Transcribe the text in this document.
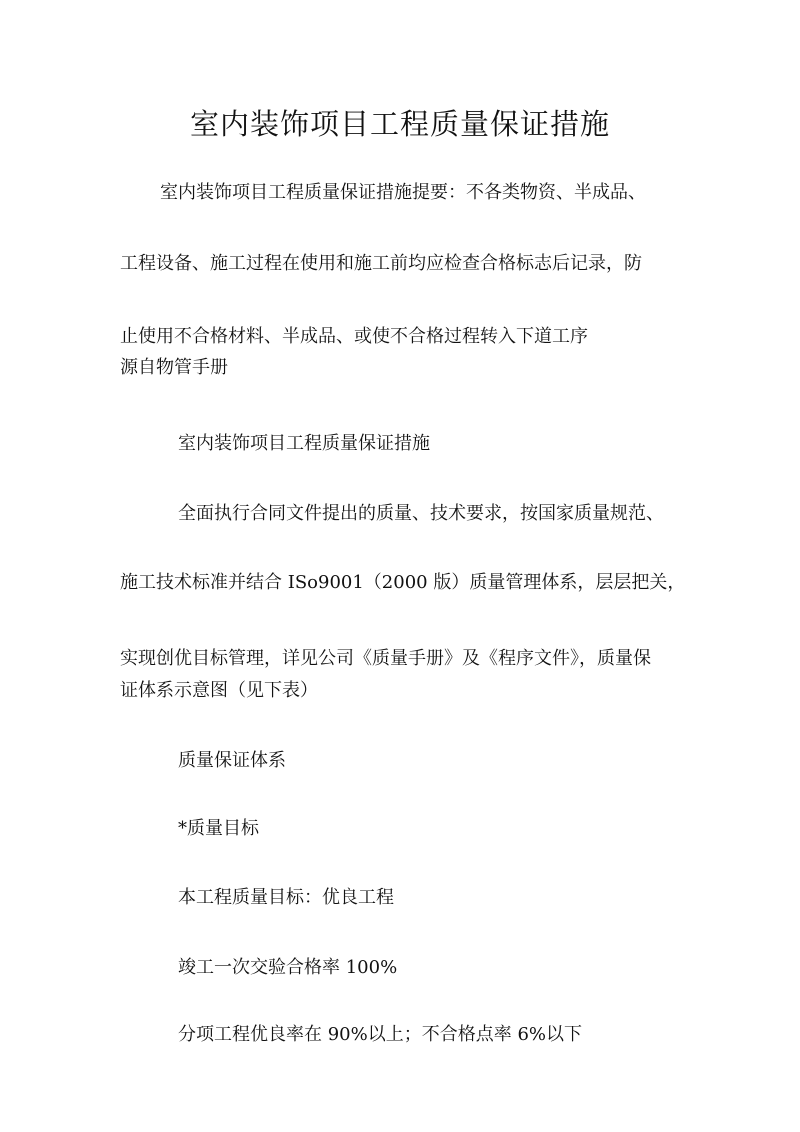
室内装饰项目工程质量保证措施

室内装饰项目工程质量保证措施提要：不各类物资、半成品、

工程设备、施工过程在使用和施工前均应检查合格标志后记录，防

止使用不合格材料、半成品、或使不合格过程转入下道工序

源自物管手册

室内装饰项目工程质量保证措施

全面执行合同文件提出的质量、技术要求，按国家质量规范、

施工技术标准并结合 ISo9001（2000 版）质量管理体系，层层把关，

实现创优目标管理，详见公司《质量手册》及《程序文件》，质量保

证体系示意图（见下表）

质量保证体系

*质量目标

本工程质量目标：优良工程

竣工一次交验合格率 100%

分项工程优良率在 90%以上；不合格点率 6%以下
